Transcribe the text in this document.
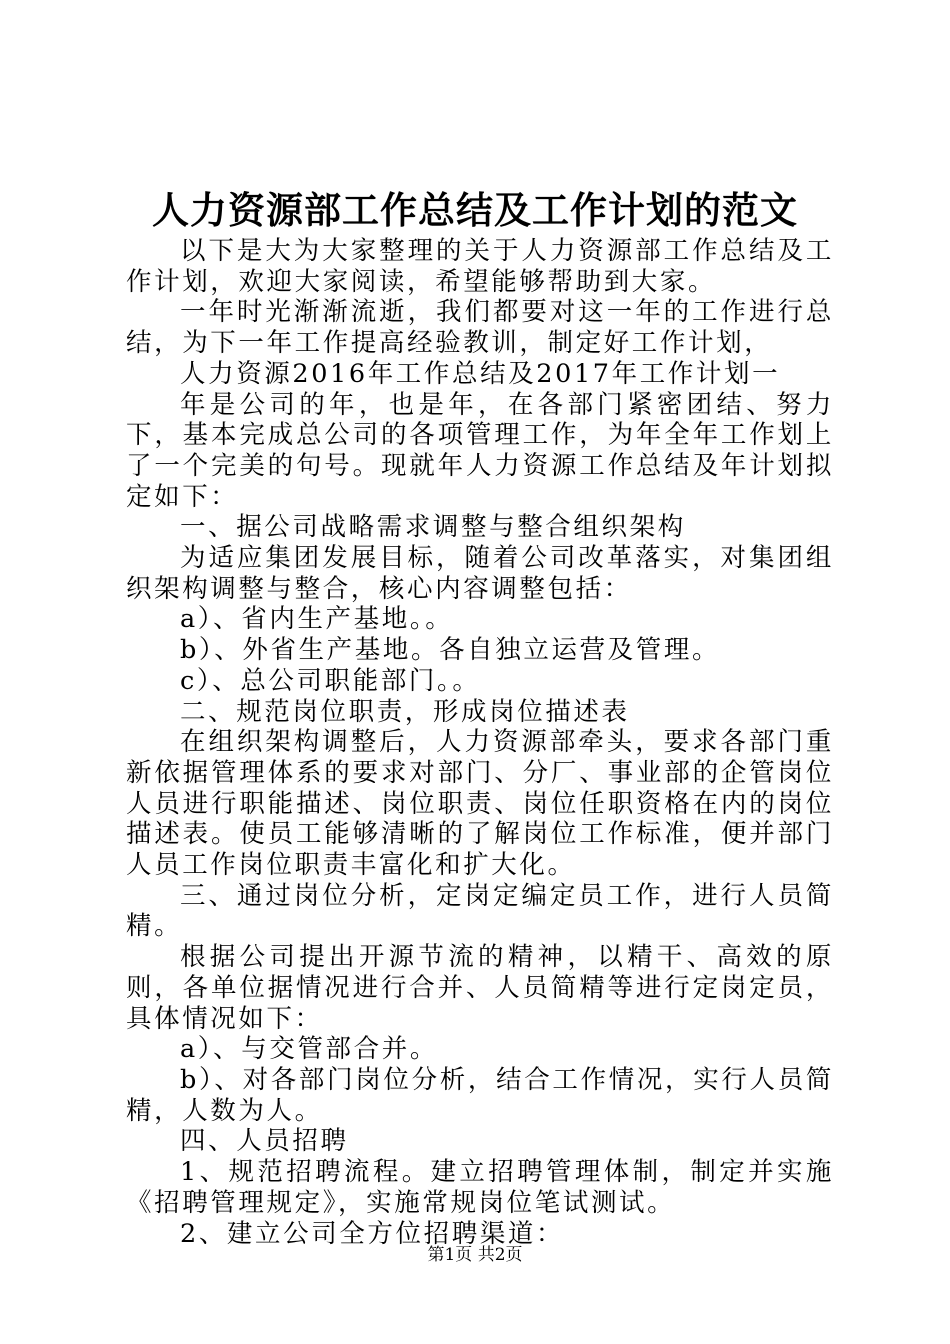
人力资源部工作总结及工作计划的范文

以下是大为大家整理的关于人力资源部工作总结及工作计划，欢迎大家阅读，希望能够帮助到大家。

一年时光渐渐流逝，我们都要对这一年的工作进行总结，为下一年工作提高经验教训，制定好工作计划，

人力资源2016年工作总结及2017年工作计划一

年是公司的年，也是年，在各部门紧密团结、努力下，基本完成总公司的各项管理工作，为年全年工作划上了一个完美的句号。现就年人力资源工作总结及年计划拟定如下：

一、据公司战略需求调整与整合组织架构

为适应集团发展目标，随着公司改革落实，对集团组织架构调整与整合，核心内容调整包括：

a）、省内生产基地。。

b）、外省生产基地。各自独立运营及管理。

c）、总公司职能部门。。

二、规范岗位职责，形成岗位描述表

在组织架构调整后，人力资源部牵头，要求各部门重新依据管理体系的要求对部门、分厂、事业部的企管岗位人员进行职能描述、岗位职责、岗位任职资格在内的岗位描述表。使员工能够清晰的了解岗位工作标准，便并部门人员工作岗位职责丰富化和扩大化。

三、通过岗位分析，定岗定编定员工作，进行人员简精。

根据公司提出开源节流的精神，以精干、高效的原则，各单位据情况进行合并、人员简精等进行定岗定员，具体情况如下：

a）、与交管部合并。

b）、对各部门岗位分析，结合工作情况，实行人员简精，人数为人。

四、人员招聘

1、规范招聘流程。建立招聘管理体制，制定并实施《招聘管理规定》，实施常规岗位笔试测试。

2、建立公司全方位招聘渠道：

第1页 共2页
